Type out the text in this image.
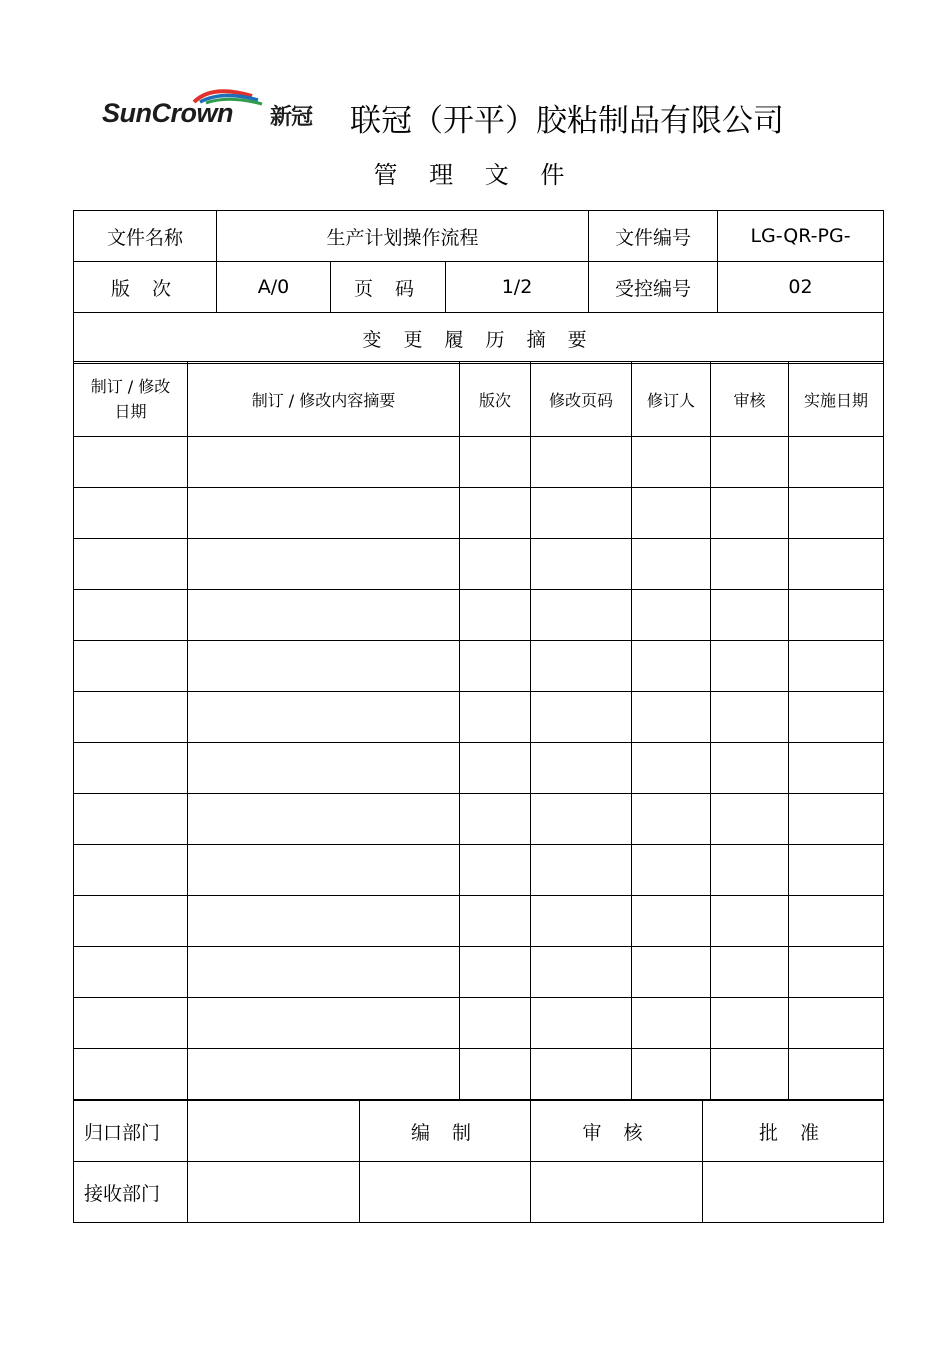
SunCrown 新冠 联冠（开平）胶粘制品有限公司
管 理 文 件
文件名称	生产计划操作流程			文件编号	LG-QR-PG-
版 次	A/0	页 码	1/2	受控编号	02
变 更 履 历 摘 要					
制订 / 修改日期	制订 / 修改内容摘要	版次	修改页码	修订人	审核	实施日期

归口部门		编 制	审 核	批 准
接收部门				
